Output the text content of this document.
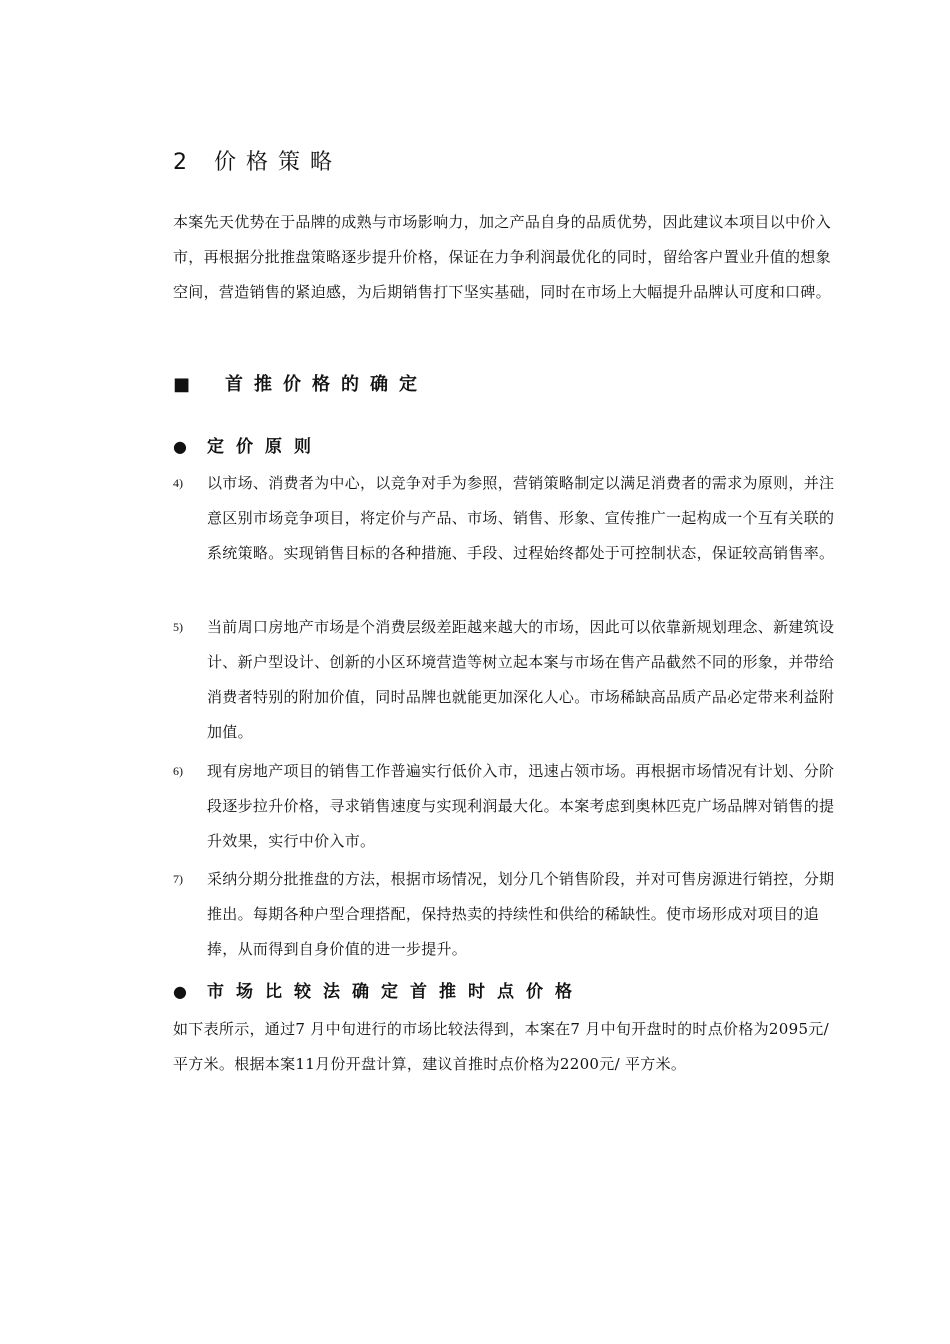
2 价格策略

本案先天优势在于品牌的成熟与市场影响力，加之产品自身的品质优势，因此建议本项目以中价入市，再根据分批推盘策略逐步提升价格，保证在力争利润最优化的同时，留给客户置业升值的想象空间，营造销售的紧迫感，为后期销售打下坚实基础，同时在市场上大幅提升品牌认可度和口碑。

■ 首推价格的确定
● 定价原则
4) 以市场、消费者为中心，以竞争对手为参照，营销策略制定以满足消费者的需求为原则，并注意区别市场竞争项目，将定价与产品、市场、销售、形象、宣传推广一起构成一个互有关联的系统策略。实现销售目标的各种措施、手段、过程始终都处于可控制状态，保证较高销售率。

5) 当前周口房地产市场是个消费层级差距越来越大的市场，因此可以依靠新规划理念、新建筑设计、新户型设计、创新的小区环境营造等树立起本案与市场在售产品截然不同的形象，并带给消费者特别的附加价值，同时品牌也就能更加深化人心。市场稀缺高品质产品必定带来利益附加值。

6) 现有房地产项目的销售工作普遍实行低价入市，迅速占领市场。再根据市场情况有计划、分阶段逐步拉升价格，寻求销售速度与实现利润最大化。本案考虑到奥林匹克广场品牌对销售的提升效果，实行中价入市。

7) 采纳分期分批推盘的方法，根据市场情况，划分几个销售阶段，并对可售房源进行销控，分期推出。每期各种户型合理搭配，保持热卖的持续性和供给的稀缺性。使市场形成对项目的追捧，从而得到自身价值的进一步提升。

● 市场比较法确定首推时点价格

如下表所示，通过7 月中旬进行的市场比较法得到，本案在7 月中旬开盘时的时点价格为2095元/ 平方米。根据本案11月份开盘计算，建议首推时点价格为2200元/ 平方米。
